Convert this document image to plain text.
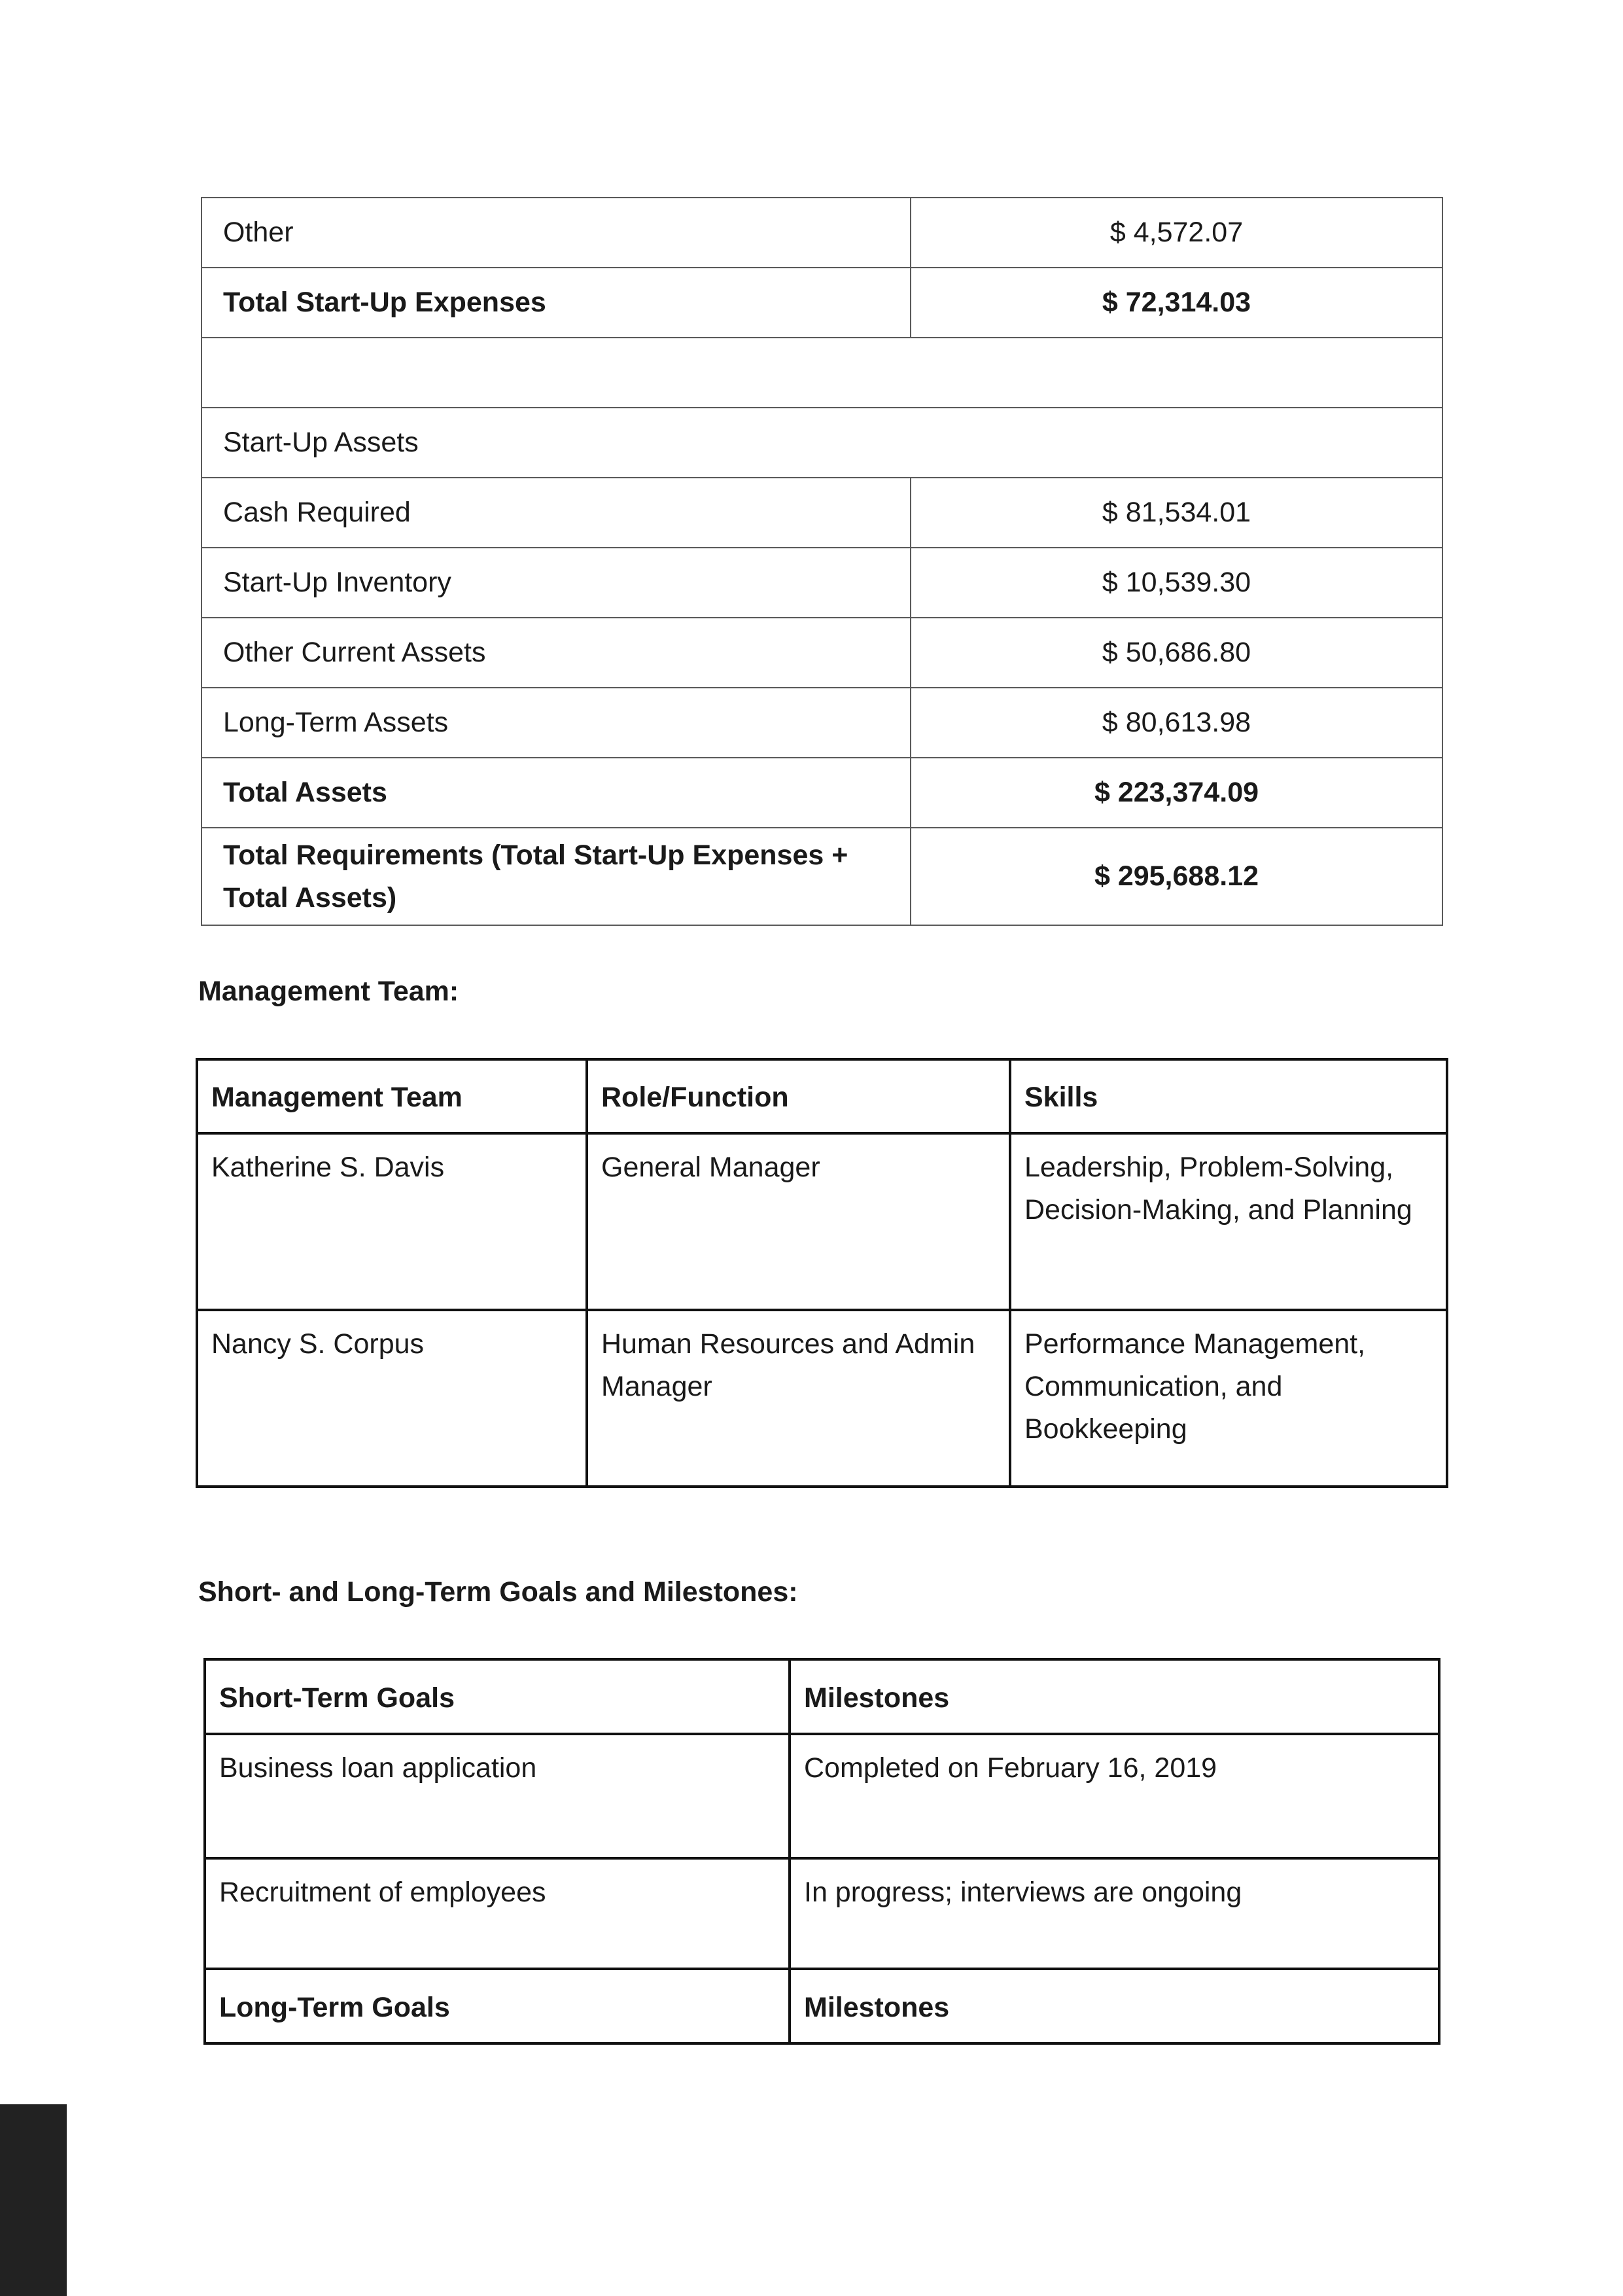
Other	$ 4,572.07
Total Start-Up Expenses	$ 72,314.03

Start-Up Assets	
Cash Required	$ 81,534.01
Start-Up Inventory	$ 10,539.30
Other Current Assets	$ 50,686.80
Long-Term Assets	$ 80,613.98
Total Assets	$ 223,374.09
Total Requirements (Total Start-Up Expenses + Total Assets)	$ 295,688.12
Management Team:
Management Team	Role/Function	Skills
Katherine S. Davis	General Manager	Leadership, Problem-Solving, Decision-Making, and Planning
Nancy S. Corpus	Human Resources and Admin Manager	Performance Management, Communication, and Bookkeeping
Short- and Long-Term Goals and Milestones:
Short-Term Goals	Milestones
Business loan application	Completed on February 16, 2019
Recruitment of employees	In progress; interviews are ongoing
Long-Term Goals	Milestones
